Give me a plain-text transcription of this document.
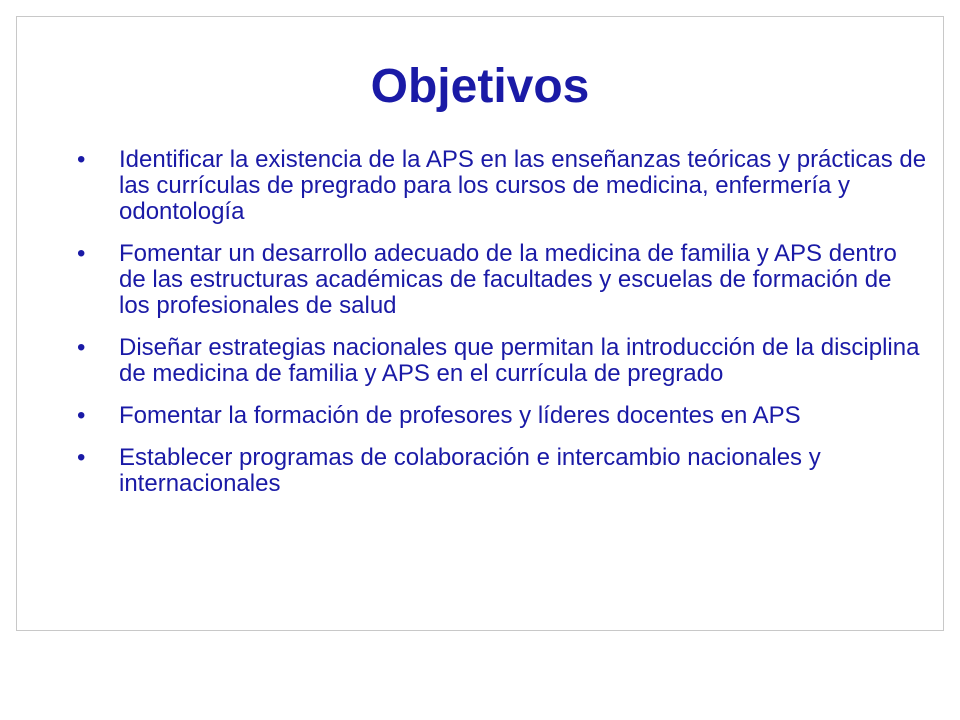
Objetivos
•	Identificar la existencia de la APS en las enseñanzas teóricas y prácticas de las currículas de pregrado para los cursos de medicina, enfermería y odontología
•	Fomentar un desarrollo adecuado de la medicina de familia y APS dentro de las estructuras académicas de facultades y escuelas de formación de los profesionales de salud
•	Diseñar estrategias nacionales que permitan la introducción de la disciplina de medicina de familia y APS en el currícula de pregrado
•	Fomentar la formación de profesores y líderes docentes en APS
•	Establecer programas de colaboración e intercambio nacionales y internacionales
